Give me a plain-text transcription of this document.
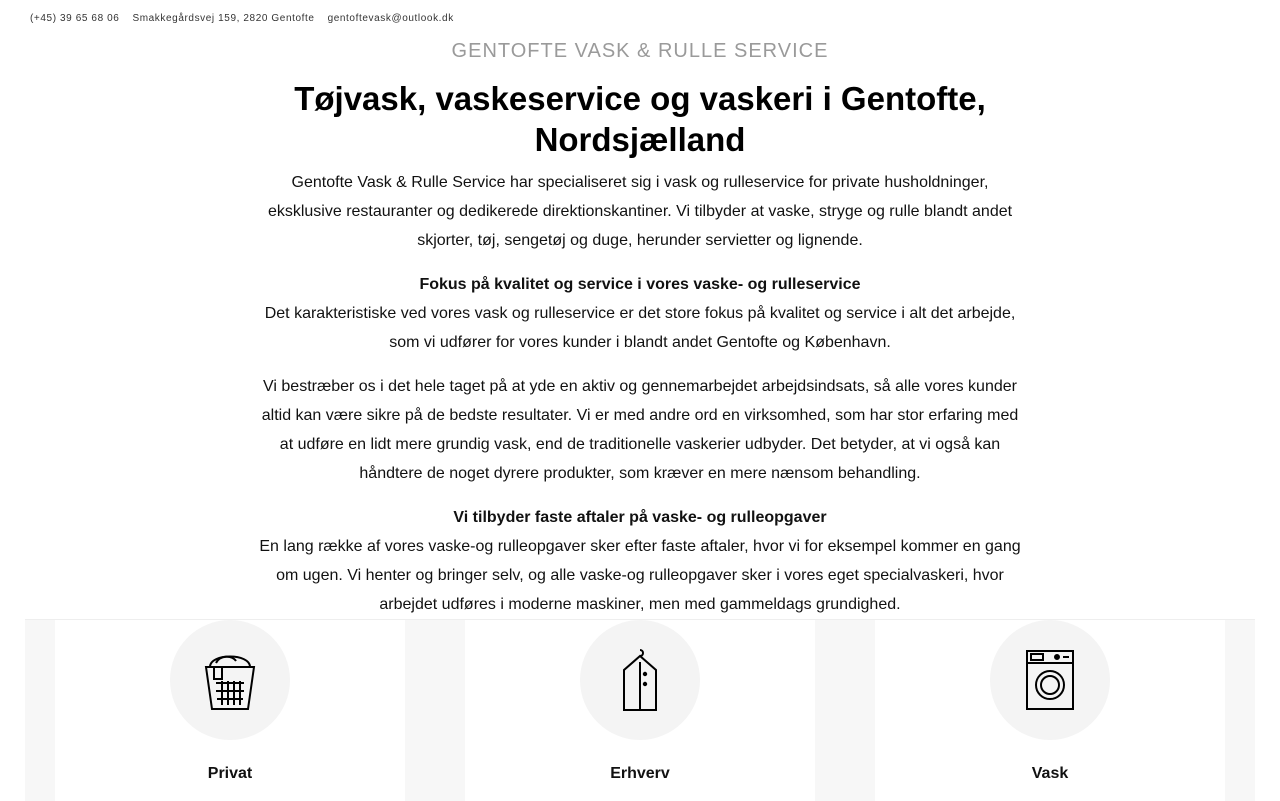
(+45) 39 65 68 06 Smakkegårdsvej 159, 2820 Gentofte gentoftevask@outlook.dk
GENTOFTE VASK & RULLE SERVICE
Tøjvask, vaskeservice og vaskeri i Gentofte, Nordsjælland

Gentofte Vask & Rulle Service har specialiseret sig i vask og rulleservice for private husholdninger, eksklusive restauranter og dedikerede direktionskantiner. Vi tilbyder at vaske, stryge og rulle blandt andet skjorter, tøj, sengetøj og duge, herunder servietter og lignende.

Fokus på kvalitet og service i vores vaske- og rulleservice
Det karakteristiske ved vores vask og rulleservice er det store fokus på kvalitet og service i alt det arbejde, som vi udfører for vores kunder i blandt andet Gentofte og København.

Vi bestræber os i det hele taget på at yde en aktiv og gennemarbejdet arbejdsindsats, så alle vores kunder altid kan være sikre på de bedste resultater. Vi er med andre ord en virksomhed, som har stor erfaring med at udføre en lidt mere grundig vask, end de traditionelle vaskerier udbyder. Det betyder, at vi også kan håndtere de noget dyrere produkter, som kræver en mere nænsom behandling.

Vi tilbyder faste aftaler på vaske- og rulleopgaver
En lang række af vores vaske-og rulleopgaver sker efter faste aftaler, hvor vi for eksempel kommer en gang om ugen. Vi henter og bringer selv, og alle vaske-og rulleopgaver sker i vores eget specialvaskeri, hvor arbejdet udføres i moderne maskiner, men med gammeldags grundighed.

Privat	Erhverv	Vask
